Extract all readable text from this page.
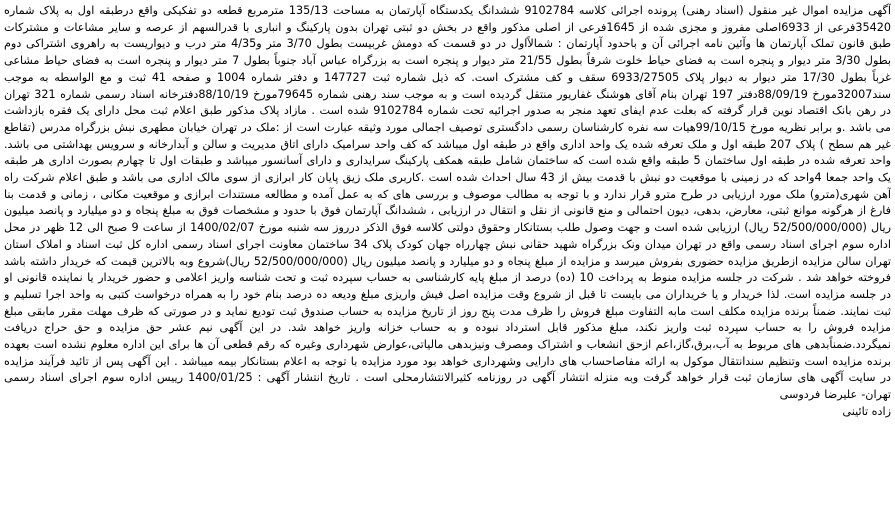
آگهی مزایده اموال غیر منقول (اسناد رهنی) پرونده اجرائی کلاسه 9102784 ششدانگ یکدستگاه آپارتمان به مساحت 135/13 مترمربع قطعه دو تفکیکی واقع درطبقه اول به پلاک شماره 35420فرعی از 6933اصلی مفروز و مجزی شده از 1645فرعی از اصلی مذکور واقع در بخش دو ثبتی تهران بدون پارکینگ و انباری با قدرالسهم از عرصه و سایر مشاعات و مشترکات طبق قانون تملک آپارتمان ها وآئین نامه اجرائی آن و باحدود آپارتمان : شمالاًاول در دو قسمت که دومش غربیست بطول 3/70 متر و4/35 متر درب و دیواریست به راهروی اشتراکی دوم بطول 3/30 متر دیوار و پنجره است به فضای حیاط خلوت شرقاً بطول 21/55 متر دیوار و پنجره است به بزرگراه عباس آباد جنوباً بطول 7 متر دیوار و پنجره است به فضای حیاط مشاعی غرباً بطول 17/30 متر دیوار به دیوار پلاک 6933/27505 سقف و کف مشترک است. که ذیل شماره ثبت 147727 و دفتر شماره 1004 و صفحه 41 ثبت و مع الواسطه به موجب سند32007مورخ 88/09/19دفتر 197 تهران بنام آقای هوشنگ غفاریور منتقل گردیده است و به موجب سند رهنی شماره 79645مورخ 88/10/19دفترخانه اسناد رسمی شماره 321 تهران در رهن بانک اقتصاد نوین قرار گرفته که بعلت عدم ایفای تعهد منجر به صدور اجرائیه تحت شماره 9102784 شده است . مازاد پلاک مذکور طبق اعلام ثبت محل دارای یک فقره بازداشت می باشد .و برابر نظریه مورخ 99/10/15هیات سه نفره کارشناسان رسمی دادگستری توصیف اجمالی مورد وثیقه عبارت است از :ملک در تهران خیابان مطهری نبش بزرگراه مدرس (تقاطع غیر هم سطح ) پلاک 207 طبقه اول و ملک تعرفه شده یک واحد اداری واقع در طبقه اول میباشد که کف واحد سرامیک دارای اتاق مدیریت و سالن و آبدارخانه و سرویس بهداشتی می باشد. واحد تعرفه شده در طبقه اول ساختمان 5 طبقه واقع شده است که ساختمان شامل طبقه همکف پارکینگ سرایداری و دارای آسانسور میباشد و طبقات اول تا چهارم بصورت اداری هر طبقه یک واحد جمعا 4واحد که در زمینی با موقعیت دو نبش با قدمت بیش از 43 سال احداث شده است .کاربری ملک زیق پایان کار ابرازی از سوی مالک اداری می باشد و طبق اعلام شرکت راه آهن شهری(مترو) ملک مورد ارزیابی در طرح مترو قرار ندارد و با توجه به مطالب موصوف و بررسی های که به عمل آمده و مطالعه مستندات ابرازی و موقعیت مکانی ، زمانی و قدمت بنا فارغ از هرگونه موانع ثبتی، معارض، بدهی، دیون احتمالی و منع قانونی از نقل و انتقال در ارزیابی ، ششدانگ آپارتمان فوق با حدود و مشخصات فوق به مبلغ پنجاه و دو میلیارد و پانصد میلیون ریال (52/500/000/000 ریال) ارزیابی شده است و جهت وصول طلب بستانکار وحقوق دولتی کلاسه فوق الذکر درروز سه شنبه مورخ 1400/02/07 از ساعت 9 صبح الی 12 ظهر در محل اداره سوم اجرای اسناد رسمی واقع در تهران میدان ونک بزرگراه شهید حقانی نبش چهارراه جهان کودک پلاک 34 ساختمان معاونت اجرای اسناد رسمی اداره کل ثبت اسناد و املاک استان تهران سالن مزایده ازطریق مزایده حضوری بفروش میرسد و مزایده از مبلغ پنجاه و دو میلیارد و پانصد میلیون ریال (52/500/000/000 ریال)شروع وبه بالاترین قیمت که خریدار داشته باشد فروخته خواهد شد . شرکت در جلسه مزایده منوط به پرداخت 10 (ده) درصد از مبلغ پایه کارشناسی به حساب سپرده ثبت و تحت شناسه واریز اعلامی و حضور خریدار یا نماینده قانونی او در جلسه مزایده است. لذا خریدار و یا خریداران می بایست تا قبل از شروع وقت مزایده اصل فیش واریزی مبلغ ودیعه ده درصد بنام خود را به همراه درخواست کتبی به واحد اجرا تسلیم و ثبت نمایند. ضمناً برنده مزایده مکلف است مابه التفاوت مبلغ فروش را ظرف مدت پنج روز از تاریخ مزایده به حساب صندوق ثبت تودیع نماید و در صورتی که ظرف مهلت مقرر مابقی مبلغ مزایده فروش را به حساب سپرده ثبت واریز نکند، مبلغ مذکور قابل استرداد نبوده و به حساب خزانه واریز خواهد شد. در این آگهی نیم عشر حق مزایده و حق حراج دریافت نمیگردد.ضمناًبدهی های مربوط به آب،برق،گاز،اعم ازحق انشعاب و اشتراک ومصرف ونیزبدهی مالیاتی،عوارض شهرداری وغیره که رقم قطعی آن ها برای این اداره معلوم نشده است بعهده برنده مزایده است وتنظیم سندانتقال موکول به ارائه مفاصاحساب های دارایی وشهرداری خواهد بود مورد مزایده با توجه به اعلام بستانکار بیمه میباشد . این آگهی پس از تائید فرآیند مزایده در سایت آگهی های سازمان ثبت قرار خواهد گرفت وبه منزله انتشار آگهی در روزنامه کثیرالانتشارمحلی است . تاریخ انتشار آگهی : 1400/01/25 رییس اداره سوم اجرای اسناد رسمی تهران- علیرضا فردوسی

زاده تائینی
